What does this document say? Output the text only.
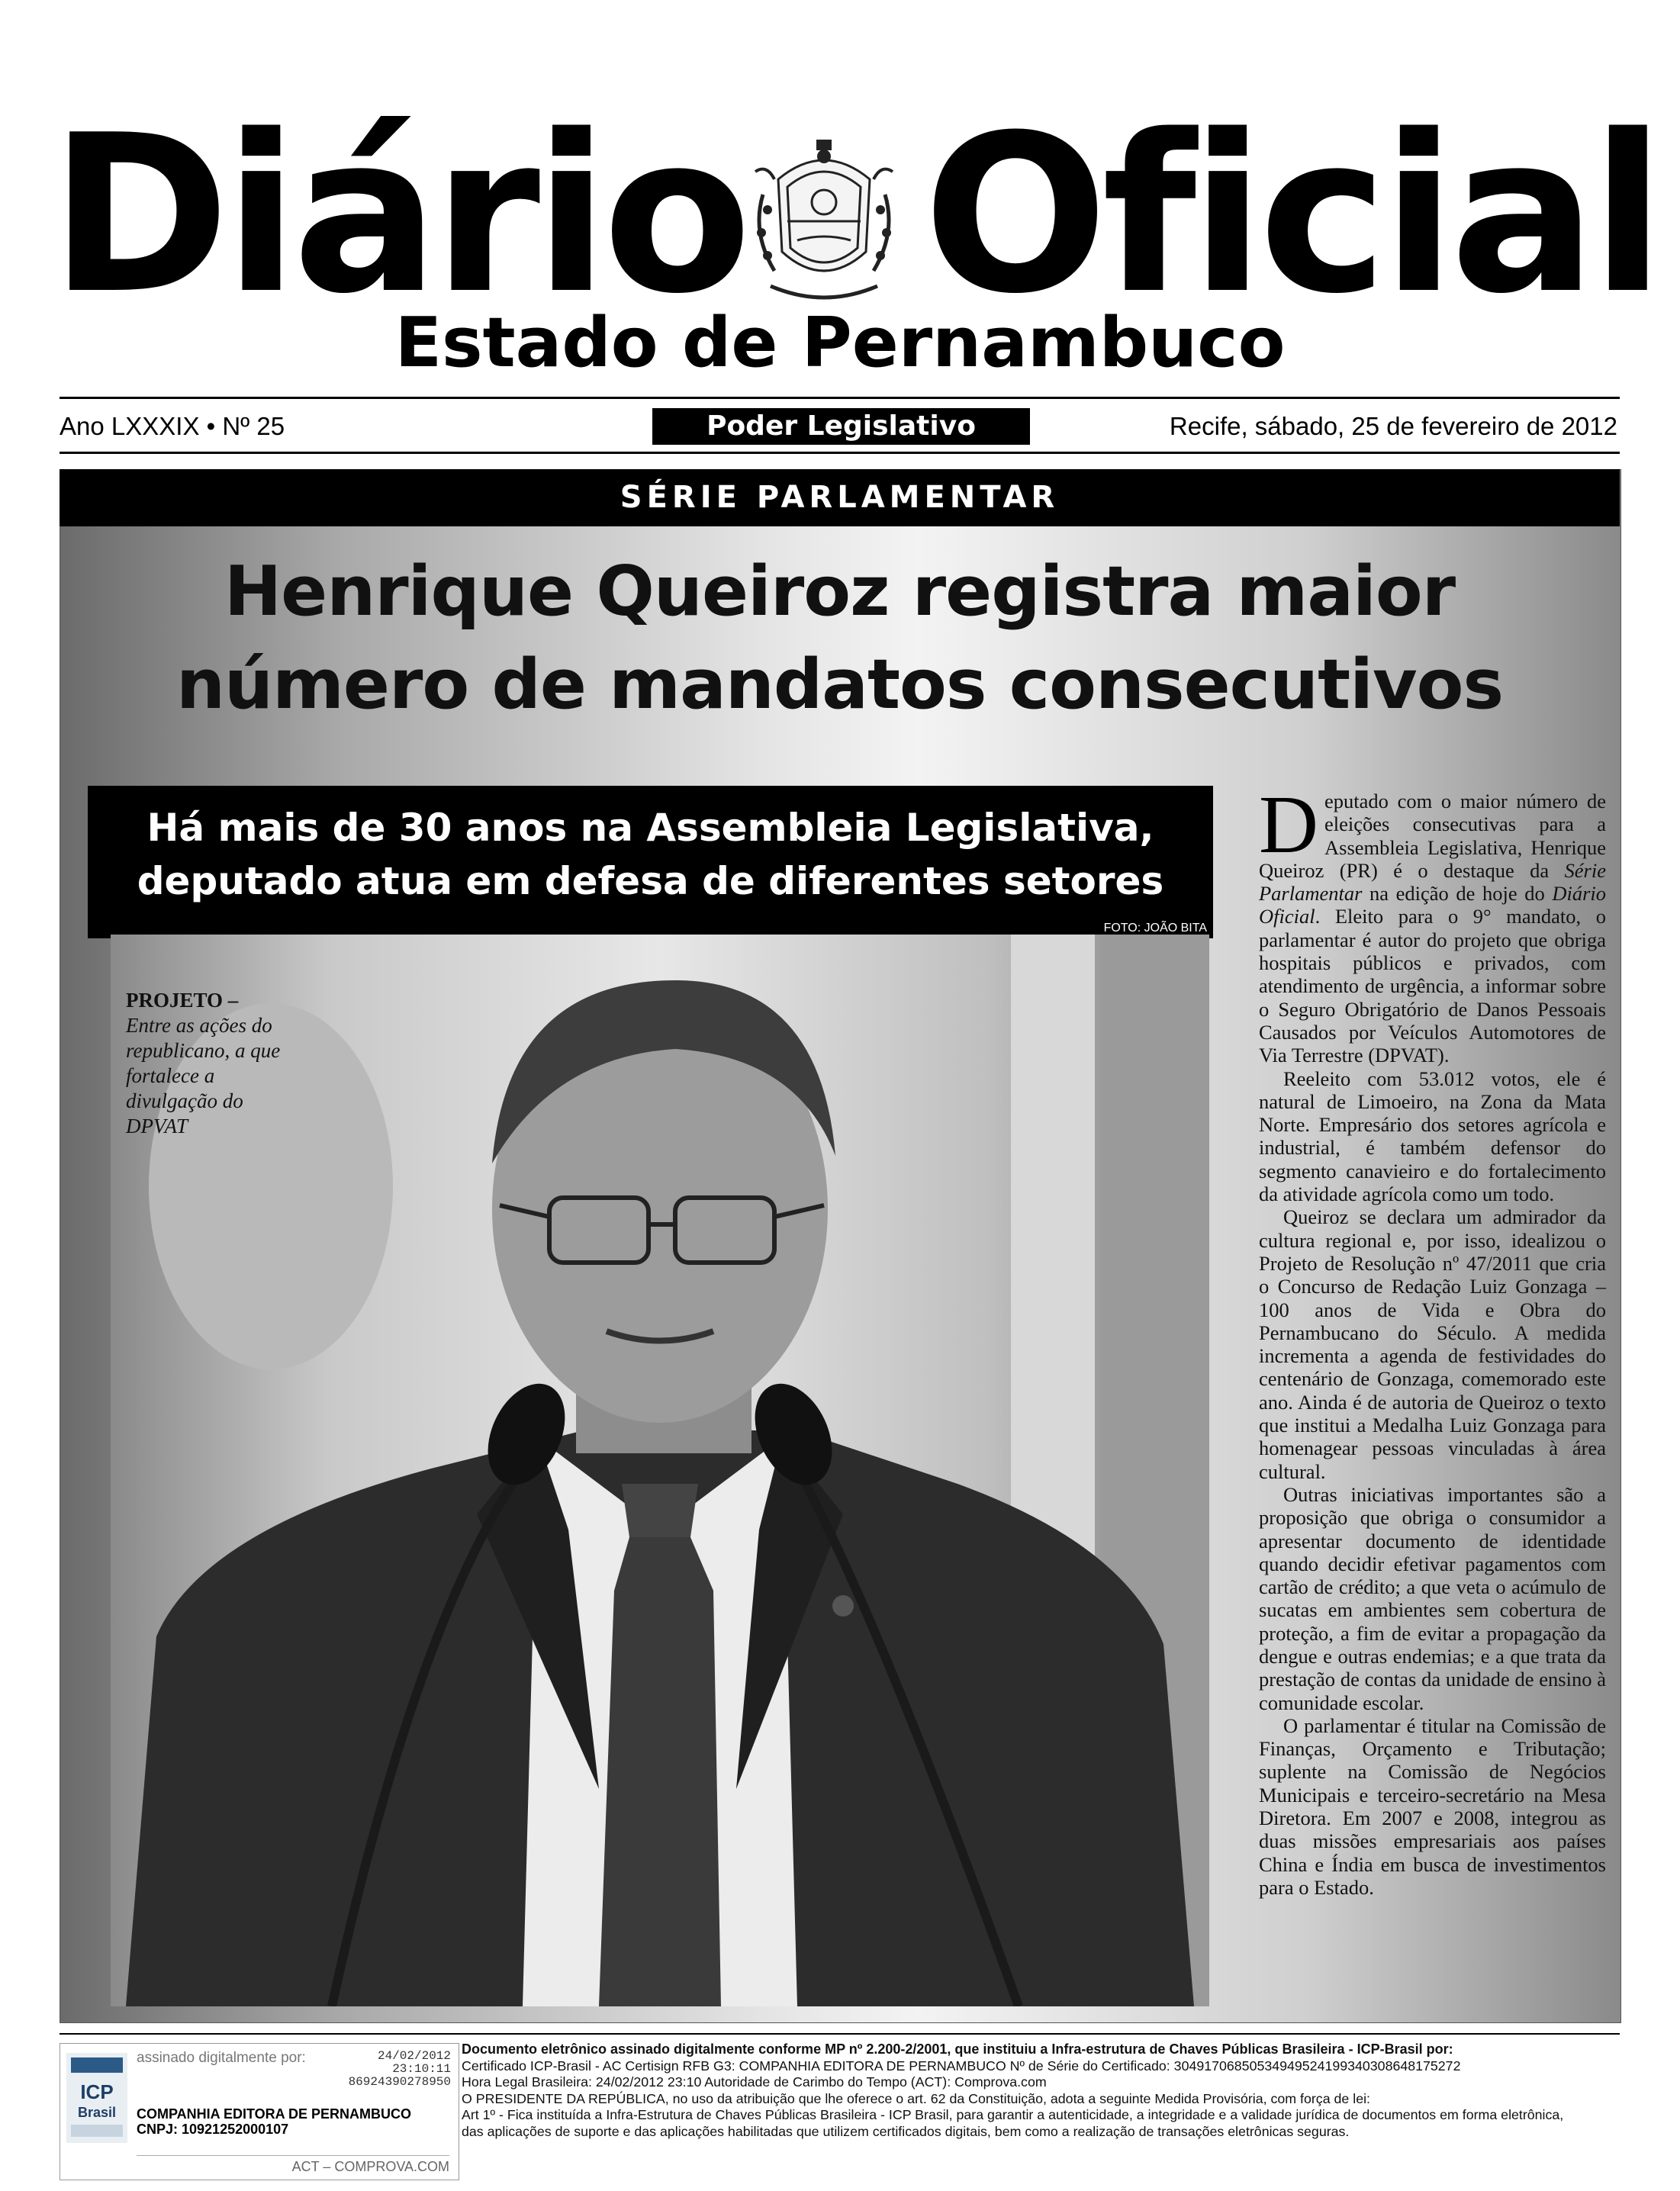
Diário Oficial
Estado de Pernambuco
Ano LXXXIX • Nº 25	Poder Legislativo	Recife, sábado, 25 de fevereiro de 2012
SÉRIE PARLAMENTAR
Henrique Queiroz registra maior
número de mandatos consecutivos
Há mais de 30 anos na Assembleia Legislativa,
deputado atua em defesa de diferentes setores
FOTO: JOÃO BITA
PROJETO –
Entre as ações do republicano, a que fortalece a divulgação do DPVAT

Deputado com o maior número de eleições consecutivas para a Assembleia Legislativa, Henrique Queiroz (PR) é o destaque da Série Parlamentar na edição de hoje do Diário Oficial. Eleito para o 9° mandato, o parlamentar é autor do projeto que obriga hospitais públicos e privados, com atendimento de urgência, a informar sobre o Seguro Obrigatório de Danos Pessoais Causados por Veículos Automotores de Via Terrestre (DPVAT).

Reeleito com 53.012 votos, ele é natural de Limoeiro, na Zona da Mata Norte. Empresário dos setores agrícola e industrial, é também defensor do segmento canavieiro e do fortalecimento da atividade agrícola como um todo.

Queiroz se declara um admirador da cultura regional e, por isso, idealizou o Projeto de Resolução nº 47/2011 que cria o Concurso de Redação Luiz Gonzaga – 100 anos de Vida e Obra do Pernambucano do Século. A medida incrementa a agenda de festividades do centenário de Gonzaga, comemorado este ano. Ainda é de autoria de Queiroz o texto que institui a Medalha Luiz Gonzaga para homenagear pessoas vinculadas à área cultural.

Outras iniciativas importantes são a proposição que obriga o consumidor a apresentar documento de identidade quando decidir efetivar pagamentos com cartão de crédito; a que veta o acúmulo de sucatas em ambientes sem cobertura de proteção, a fim de evitar a propagação da dengue e outras endemias; e a que trata da prestação de contas da unidade de ensino à comunidade escolar.

O parlamentar é titular na Comissão de Finanças, Orçamento e Tributação; suplente na Comissão de Negócios Municipais e terceiro-secretário na Mesa Diretora. Em 2007 e 2008, integrou as duas missões empresariais aos países China e Índia em busca de investimentos para o Estado.

ICP
Brasil
assinado digitalmente por:	24/02/2012
23:10:11
86924390278950
COMPANHIA EDITORA DE PERNAMBUCO
CNPJ: 10921252000107
ACT – COMPROVA.COM
Documento eletrônico assinado digitalmente conforme MP nº 2.200-2/2001, que instituiu a Infra-estrutura de Chaves Públicas Brasileira - ICP-Brasil por:
Certificado ICP-Brasil - AC Certisign RFB G3: COMPANHIA EDITORA DE PERNAMBUCO Nº de Série do Certificado: 30491706850534949524199340308648175272
Hora Legal Brasileira: 24/02/2012 23:10 Autoridade de Carimbo do Tempo (ACT): Comprova.com
O PRESIDENTE DA REPÚBLICA, no uso da atribuição que lhe oferece o art. 62 da Constituição, adota a seguinte Medida Provisória, com força de lei:
Art 1º - Fica instituída a Infra-Estrutura de Chaves Públicas Brasileira - ICP Brasil, para garantir a autenticidade, a integridade e a validade jurídica de documentos em forma eletrônica,
das aplicações de suporte e das aplicações habilitadas que utilizem certificados digitais, bem como a realização de transações eletrônicas seguras.
